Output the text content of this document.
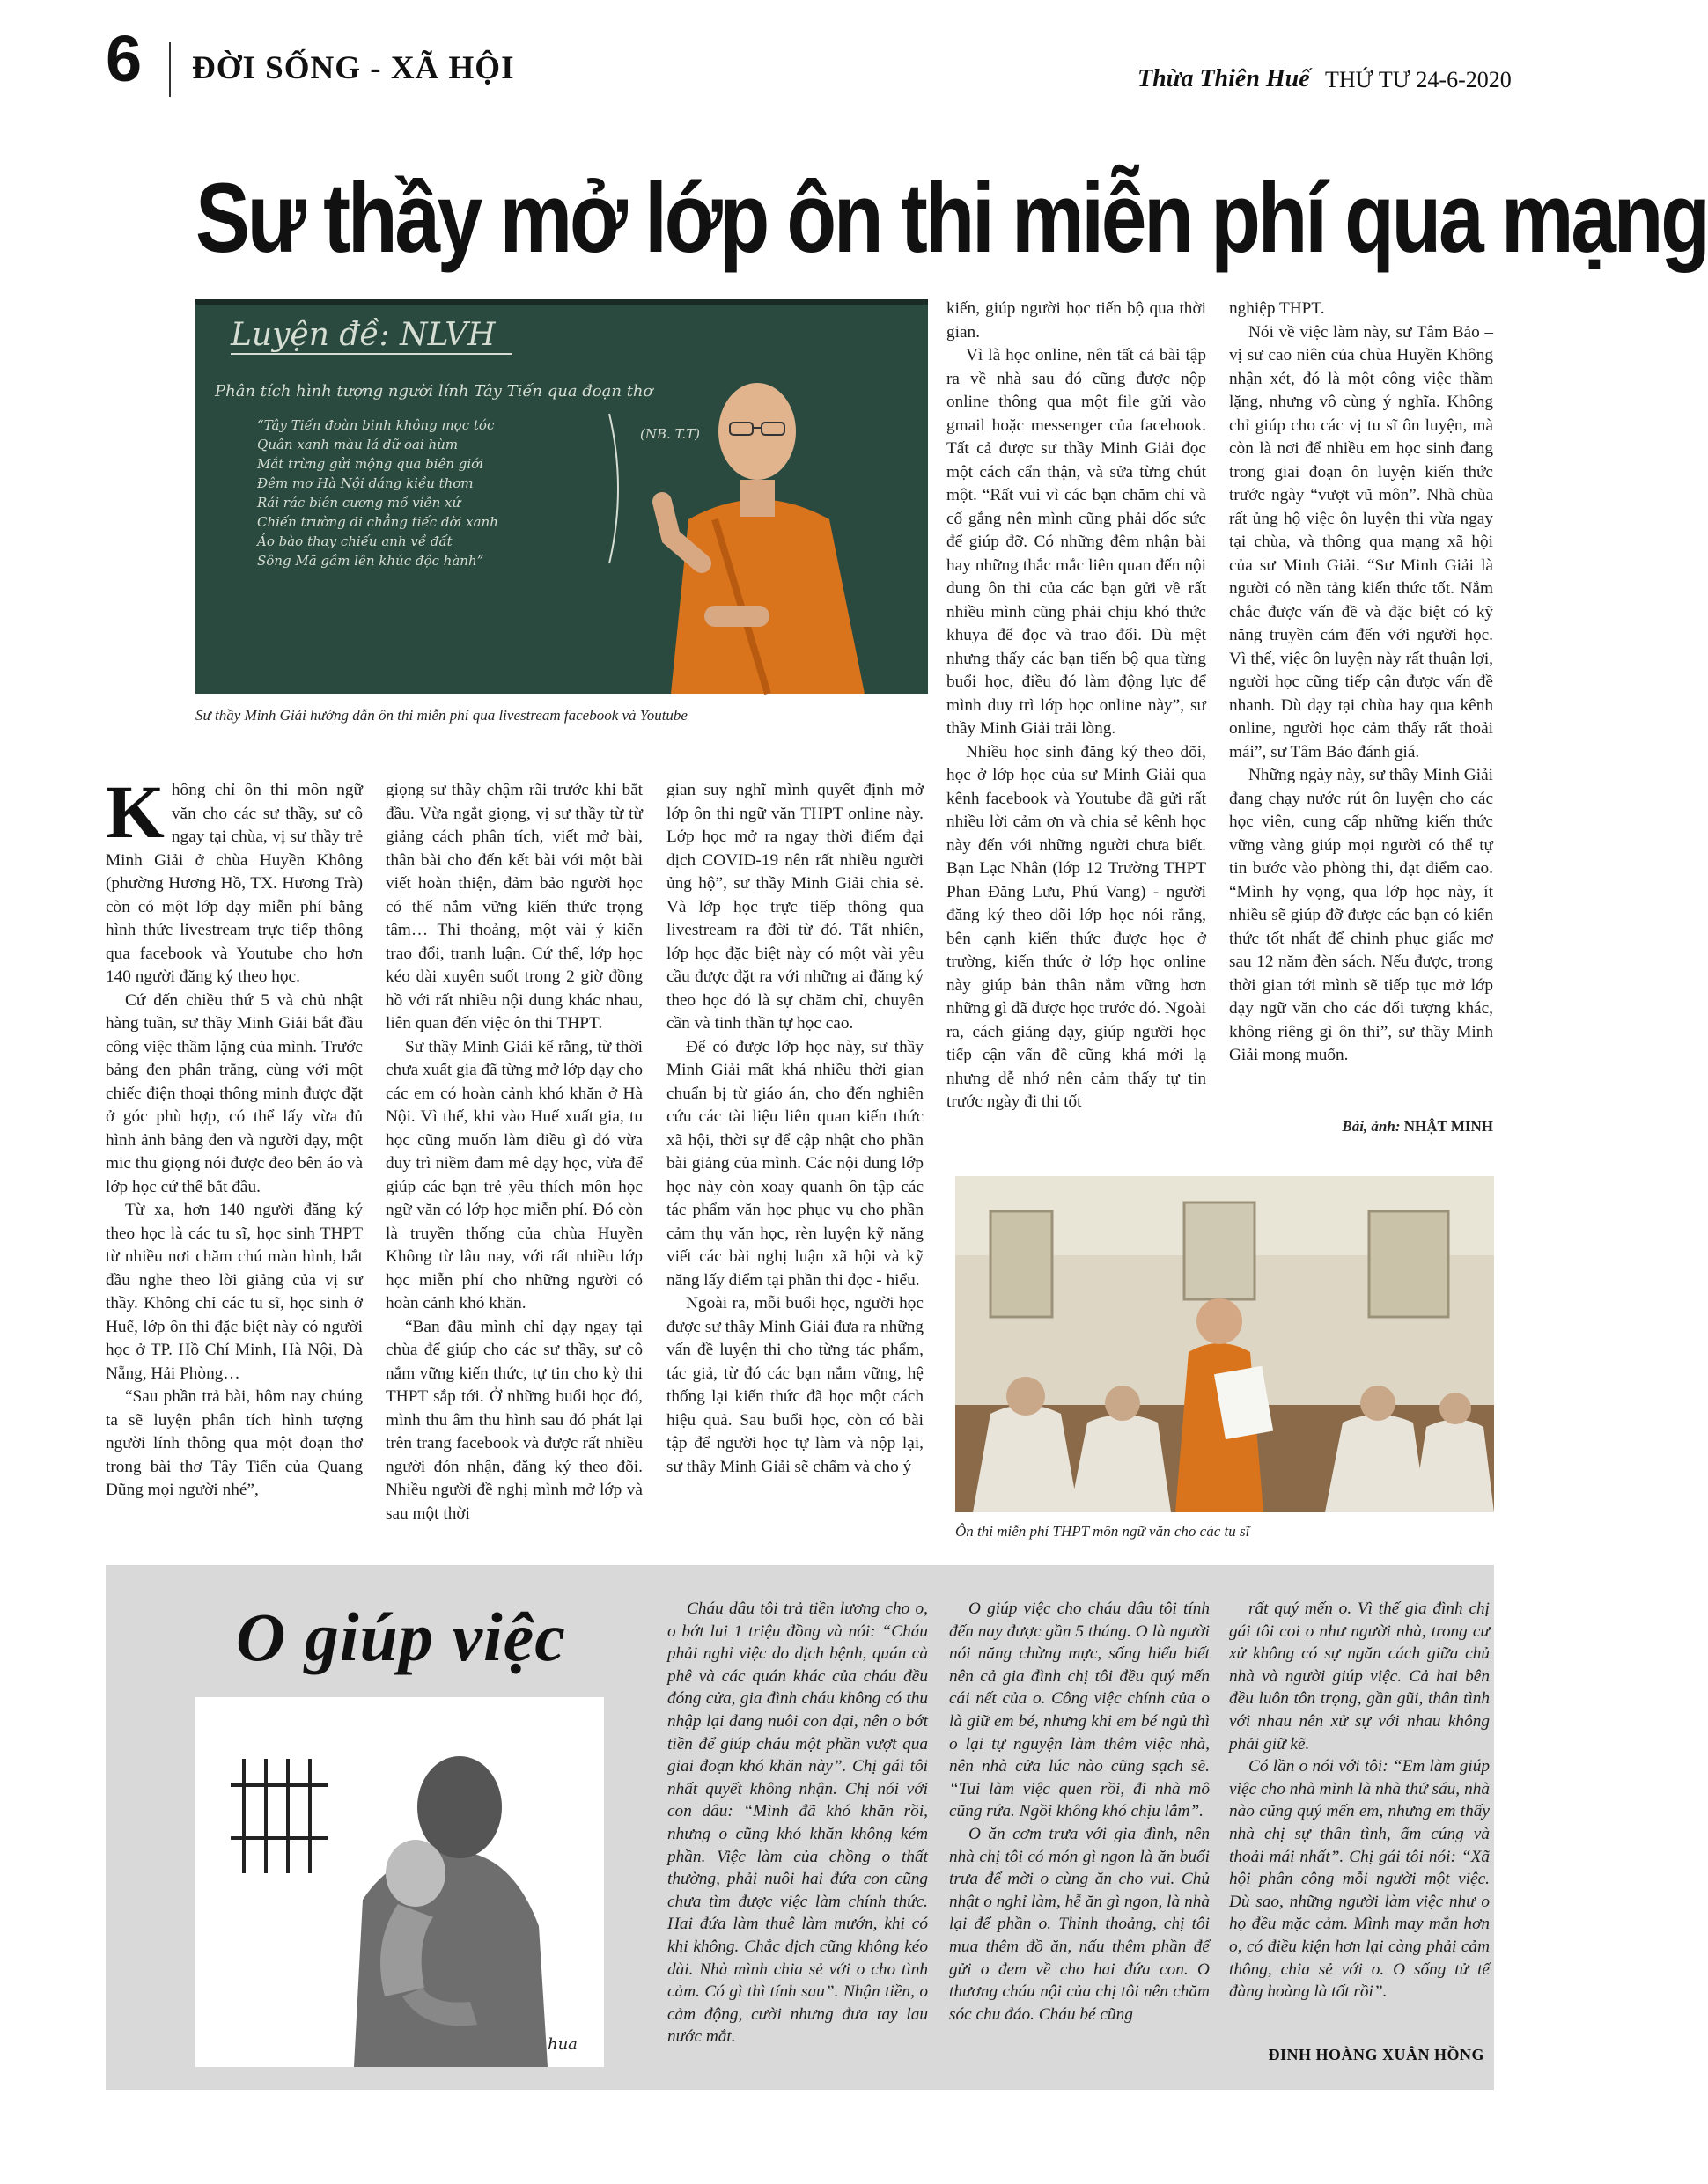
6 ĐỜI SỐNG - XÃ HỘI	Thừa Thiên Huế THỨ TƯ 24-6-2020
Sư thầy mở lớp ôn thi miễn phí qua mạng
Luyện đề: NLVH
Phân tích hình tượng người lính Tây Tiến qua đoạn thơ
“Tây Tiến đoàn binh không mọc tóc
Quân xanh màu lá dữ oai hùm
Mắt trừng gửi mộng qua biên giới
Đêm mơ Hà Nội dáng kiều thơm
Rải rác biên cương mồ viễn xứ
Chiến trường đi chẳng tiếc đời xanh
Áo bào thay chiếu anh về đất
Sông Mã gầm lên khúc độc hành”
(NB. T.T)
Sư thầy Minh Giải hướng dẫn ôn thi miễn phí qua livestream facebook và Youtube

Không chỉ ôn thi môn ngữ văn cho các sư thầy, sư cô ngay tại chùa, vị sư thầy trẻ Minh Giải ở chùa Huyền Không (phường Hương Hồ, TX. Hương Trà) còn có một lớp dạy miễn phí bằng hình thức livestream trực tiếp thông qua facebook và Youtube cho hơn 140 người đăng ký theo học.

Cứ đến chiều thứ 5 và chủ nhật hàng tuần, sư thầy Minh Giải bắt đầu công việc thầm lặng của mình. Trước bảng đen phấn trắng, cùng với một chiếc điện thoại thông minh được đặt ở góc phù hợp, có thể lấy vừa đủ hình ảnh bảng đen và người dạy, một mic thu giọng nói được đeo bên áo và lớp học cứ thế bắt đầu.

Từ xa, hơn 140 người đăng ký theo học là các tu sĩ, học sinh THPT từ nhiều nơi chăm chú màn hình, bắt đầu nghe theo lời giảng của vị sư thầy. Không chỉ các tu sĩ, học sinh ở Huế, lớp ôn thi đặc biệt này có người học ở TP. Hồ Chí Minh, Hà Nội, Đà Nẵng, Hải Phòng…

“Sau phần trả bài, hôm nay chúng ta sẽ luyện phân tích hình tượng người lính thông qua một đoạn thơ trong bài thơ Tây Tiến của Quang Dũng mọi người nhé”,

giọng sư thầy chậm rãi trước khi bắt đầu. Vừa ngắt giọng, vị sư thầy từ từ giảng cách phân tích, viết mở bài, thân bài cho đến kết bài với một bài viết hoàn thiện, đảm bảo người học có thể nắm vững kiến thức trọng tâm… Thi thoảng, một vài ý kiến trao đổi, tranh luận. Cứ thế, lớp học kéo dài xuyên suốt trong 2 giờ đồng hồ với rất nhiều nội dung khác nhau, liên quan đến việc ôn thi THPT.

Sư thầy Minh Giải kể rằng, từ thời chưa xuất gia đã từng mở lớp dạy cho các em có hoàn cảnh khó khăn ở Hà Nội. Vì thế, khi vào Huế xuất gia, tu học cũng muốn làm điều gì đó vừa duy trì niềm đam mê dạy học, vừa để giúp các bạn trẻ yêu thích môn học ngữ văn có lớp học miễn phí. Đó còn là truyền thống của chùa Huyền Không từ lâu nay, với rất nhiều lớp học miễn phí cho những người có hoàn cảnh khó khăn.

“Ban đầu mình chỉ dạy ngay tại chùa để giúp cho các sư thầy, sư cô nắm vững kiến thức, tự tin cho kỳ thi THPT sắp tới. Ở những buổi học đó, mình thu âm thu hình sau đó phát lại trên trang facebook và được rất nhiều người đón nhận, đăng ký theo đõi. Nhiều người đề nghị mình mở lớp và sau một thời

gian suy nghĩ mình quyết định mở lớp ôn thi ngữ văn THPT online này. Lớp học mở ra ngay thời điểm đại dịch COVID-19 nên rất nhiều người ủng hộ”, sư thầy Minh Giải chia sẻ. Và lớp học trực tiếp thông qua livestream ra đời từ đó. Tất nhiên, lớp học đặc biệt này có một vài yêu cầu được đặt ra với những ai đăng ký theo học đó là sự chăm chỉ, chuyên cần và tinh thần tự học cao.

Để có được lớp học này, sư thầy Minh Giải mất khá nhiều thời gian chuẩn bị từ giáo án, cho đến nghiên cứu các tài liệu liên quan kiến thức xã hội, thời sự để cập nhật cho phần bài giảng của mình. Các nội dung lớp học này còn xoay quanh ôn tập các tác phẩm văn học phục vụ cho phần cảm thụ văn học, rèn luyện kỹ năng viết các bài nghị luận xã hội và kỹ năng lấy điểm tại phần thi đọc - hiểu.

Ngoài ra, mỗi buổi học, người học được sư thầy Minh Giải đưa ra những vấn đề luyện thi cho từng tác phẩm, tác giả, từ đó các bạn nắm vững, hệ thống lại kiến thức đã học một cách hiệu quả. Sau buổi học, còn có bài tập để người học tự làm và nộp lại, sư thầy Minh Giải sẽ chấm và cho ý

kiến, giúp người học tiến bộ qua thời gian.

Vì là học online, nên tất cả bài tập ra về nhà sau đó cũng được nộp online thông qua một file gửi vào gmail hoặc messenger của facebook. Tất cả được sư thầy Minh Giải đọc một cách cẩn thận, và sửa từng chút một. “Rất vui vì các bạn chăm chỉ và cố gắng nên mình cũng phải dốc sức để giúp đỡ. Có những đêm nhận bài hay những thắc mắc liên quan đến nội dung ôn thi của các bạn gửi về rất nhiều mình cũng phải chịu khó thức khuya để đọc và trao đổi. Dù mệt nhưng thấy các bạn tiến bộ qua từng buổi học, điều đó làm động lực để mình duy trì lớp học online này”, sư thầy Minh Giải trải lòng.

Nhiều học sinh đăng ký theo dõi, học ở lớp học của sư Minh Giải qua kênh facebook và Youtube đã gửi rất nhiều lời cảm ơn và chia sẻ kênh học này đến với những người chưa biết. Bạn Lạc Nhân (lớp 12 Trường THPT Phan Đăng Lưu, Phú Vang) - người đăng ký theo dõi lớp học nói rằng, bên cạnh kiến thức được học ở trường, kiến thức ở lớp học online này giúp bản thân nắm vững hơn những gì đã được học trước đó. Ngoài ra, cách giảng dạy, giúp người học tiếp cận vấn đề cũng khá mới lạ nhưng dễ nhớ nên cảm thấy tự tin trước ngày đi thi tốt

nghiệp THPT.

Nói về việc làm này, sư Tâm Bảo –vị sư cao niên của chùa Huyền Không nhận xét, đó là một công việc thầm lặng, nhưng vô cùng ý nghĩa. Không chỉ giúp cho các vị tu sĩ ôn luyện, mà còn là nơi để nhiều em học sinh đang trong giai đoạn ôn luyện kiến thức trước ngày “vượt vũ môn”. Nhà chùa rất ủng hộ việc ôn luyện thi vừa ngay tại chùa, và thông qua mạng xã hội của sư Minh Giải. “Sư Minh Giải là người có nền tảng kiến thức tốt. Nắm chắc được vấn đề và đặc biệt có kỹ năng truyền cảm đến với người học. Vì thế, việc ôn luyện này rất thuận lợi, người học cũng tiếp cận được vấn đề nhanh. Dù dạy tại chùa hay qua kênh online, người học cảm thấy rất thoải mái”, sư Tâm Bảo đánh giá.

Những ngày này, sư thầy Minh Giải đang chạy nước rút ôn luyện cho các học viên, cung cấp những kiến thức vững vàng giúp mọi người có thể tự tin bước vào phòng thi, đạt điểm cao. “Mình hy vọng, qua lớp học này, ít nhiều sẽ giúp đỡ được các bạn có kiến thức tốt nhất để chinh phục giấc mơ sau 12 năm đèn sách. Nếu được, trong thời gian tới mình sẽ tiếp tục mở lớp dạy ngữ văn cho các đối tượng khác, không riêng gì ôn thi”, sư thầy Minh Giải mong muốn.

Bài, ảnh: NHẬT MINH
Ôn thi miễn phí THPT môn ngữ văn cho các tu sĩ
O giúp việc
hua

Cháu dâu tôi trả tiền lương cho o, o bớt lui 1 triệu đồng và nói: “Cháu phải nghỉ việc do dịch bệnh, quán cà phê và các quán khác của cháu đều đóng cửa, gia đình cháu không có thu nhập lại đang nuôi con dại, nên o bớt tiền để giúp cháu một phần vượt qua giai đoạn khó khăn này”. Chị gái tôi nhất quyết không nhận. Chị nói với con dâu: “Mình đã khó khăn rồi, nhưng o cũng khó khăn không kém phần. Việc làm của chồng o thất thường, phải nuôi hai đứa con cũng chưa tìm được việc làm chính thức. Hai đứa làm thuê làm mướn, khi có khi không. Chắc dịch cũng không kéo dài. Nhà mình chia sẻ với o cho tình cảm. Có gì thì tính sau”. Nhận tiền, o cảm động, cười nhưng đưa tay lau nước mắt.

O giúp việc cho cháu dâu tôi tính đến nay được gần 5 tháng. O là người nói năng chừng mực, sống hiểu biết nên cả gia đình chị tôi đều quý mến cái nết của o. Công việc chính của o là giữ em bé, nhưng khi em bé ngủ thì o lại tự nguyện làm thêm việc nhà, nên nhà cửa lúc nào cũng sạch sẽ. “Tui làm việc quen rồi, đi nhà mô cũng rứa. Ngồi không khó chịu lắm”.

O ăn cơm trưa với gia đình, nên nhà chị tôi có món gì ngon là ăn buổi trưa để mời o cùng ăn cho vui. Chủ nhật o nghỉ làm, hễ ăn gì ngon, là nhà lại để phần o. Thỉnh thoảng, chị tôi mua thêm đồ ăn, nấu thêm phần để gửi o đem về cho hai đứa con. O thương cháu nội của chị tôi nên chăm sóc chu đáo. Cháu bé cũng

rất quý mến o. Vì thế gia đình chị gái tôi coi o như người nhà, trong cư xử không có sự ngăn cách giữa chủ nhà và người giúp việc. Cả hai bên đều luôn tôn trọng, gần gũi, thân tình với nhau nên xử sự với nhau không phải giữ kẽ.

Có lần o nói với tôi: “Em làm giúp việc cho nhà mình là nhà thứ sáu, nhà nào cũng quý mến em, nhưng em thấy nhà chị sự thân tình, ấm cúng và thoải mái nhất”. Chị gái tôi nói: “Xã hội phân công mỗi người một việc. Dù sao, những người làm việc như o họ đều mặc cảm. Mình may mắn hơn o, có điều kiện hơn lại càng phải cảm thông, chia sẻ với o. O sống tử tế đàng hoàng là tốt rồi”.

ĐINH HOÀNG XUÂN HỒNG
